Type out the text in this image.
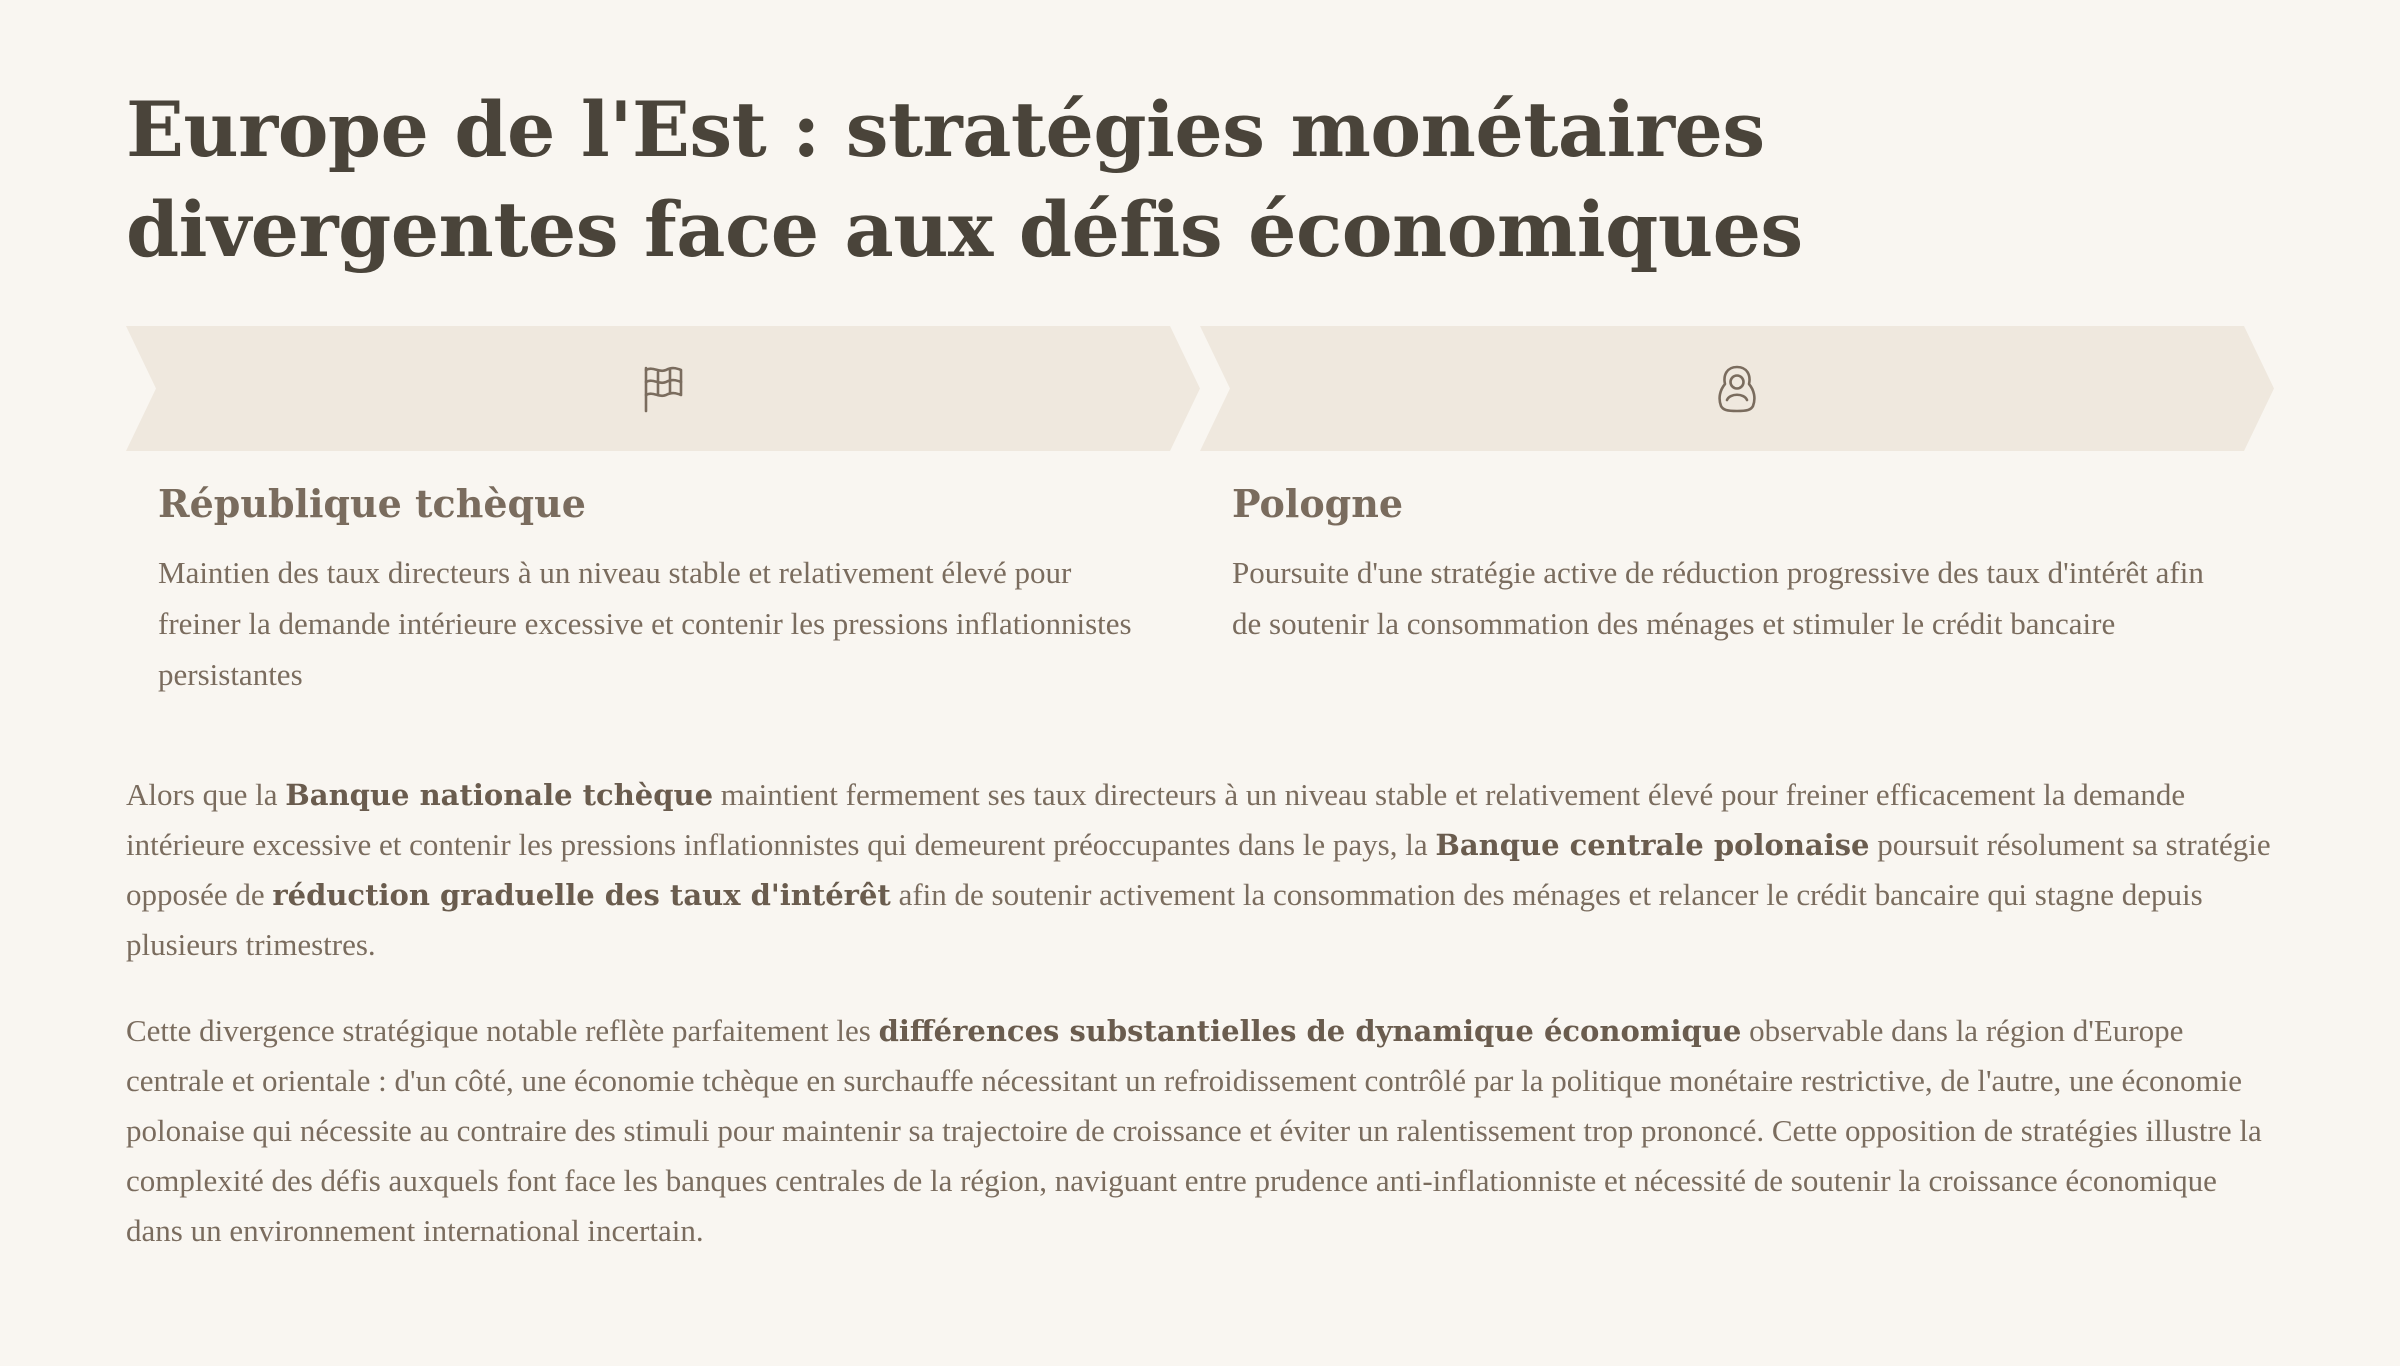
Europe de l'Est : stratégies monétaires divergentes face aux défis économiques
République tchèque
Maintien des taux directeurs à un niveau stable et relativement élevé pour freiner la demande intérieure excessive et contenir les pressions inflationnistes persistantes
Pologne
Poursuite d'une stratégie active de réduction progressive des taux d'intérêt afin de soutenir la consommation des ménages et stimuler le crédit bancaire

Alors que la Banque nationale tchèque maintient fermement ses taux directeurs à un niveau stable et relativement élevé pour freiner efficacement la demande intérieure excessive et contenir les pressions inflationnistes qui demeurent préoccupantes dans le pays, la Banque centrale polonaise poursuit résolument sa stratégie opposée de réduction graduelle des taux d'intérêt afin de soutenir activement la consommation des ménages et relancer le crédit bancaire qui stagne depuis plusieurs trimestres.

Cette divergence stratégique notable reflète parfaitement les différences substantielles de dynamique économique observable dans la région d'Europe centrale et orientale : d'un côté, une économie tchèque en surchauffe nécessitant un refroidissement contrôlé par la politique monétaire restrictive, de l'autre, une économie polonaise qui nécessite au contraire des stimuli pour maintenir sa trajectoire de croissance et éviter un ralentissement trop prononcé. Cette opposition de stratégies illustre la complexité des défis auxquels font face les banques centrales de la région, naviguant entre prudence anti-inflationniste et nécessité de soutenir la croissance économique dans un environnement international incertain.
